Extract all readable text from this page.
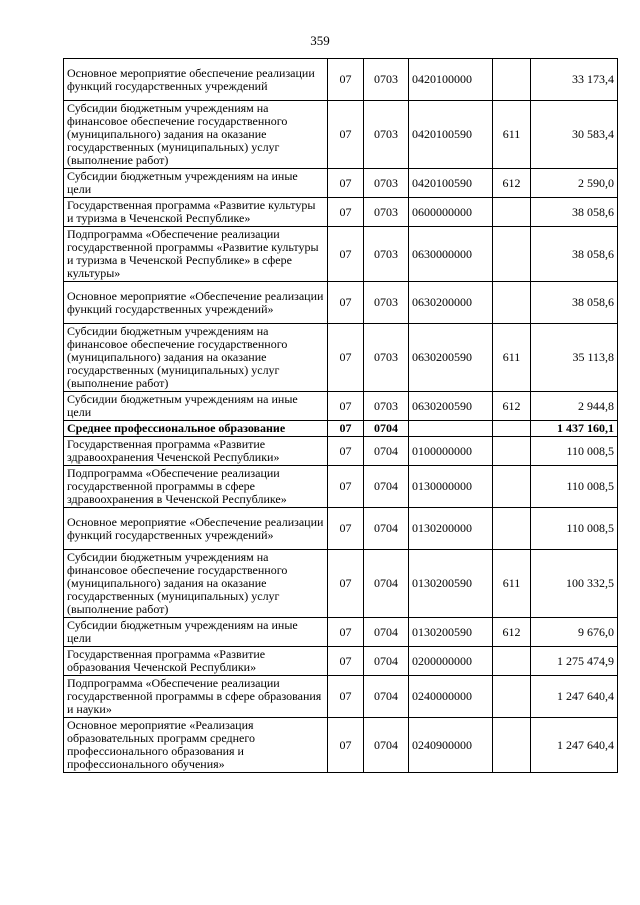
359
Основное мероприятие обеспечение реализации функций государственных учреждений	07	0703	0420100000		33 173,4
Субсидии бюджетным учреждениям на финансовое обеспечение государственного (муниципального) задания на оказание государственных (муниципальных) услуг (выполнение работ)	07	0703	0420100590	611	30 583,4
Субсидии бюджетным учреждениям на иные цели	07	0703	0420100590	612	2 590,0
Государственная программа «Развитие культуры и туризма в Чеченской Республике»	07	0703	0600000000		38 058,6
Подпрограмма «Обеспечение реализации государственной программы «Развитие культуры и туризма в Чеченской Республике» в сфере культуры»	07	0703	0630000000		38 058,6
Основное мероприятие «Обеспечение реализации функций государственных учреждений»	07	0703	0630200000		38 058,6
Субсидии бюджетным учреждениям на финансовое обеспечение государственного (муниципального) задания на оказание государственных (муниципальных) услуг (выполнение работ)	07	0703	0630200590	611	35 113,8
Субсидии бюджетным учреждениям на иные цели	07	0703	0630200590	612	2 944,8
Среднее профессиональное образование	07	0704			1 437 160,1
Государственная программа «Развитие здравоохранения Чеченской Республики»	07	0704	0100000000		110 008,5
Подпрограмма «Обеспечение реализации государственной программы в сфере здравоохранения в Чеченской Республике»	07	0704	0130000000		110 008,5
Основное мероприятие «Обеспечение реализации функций государственных учреждений»	07	0704	0130200000		110 008,5
Субсидии бюджетным учреждениям на финансовое обеспечение государственного (муниципального) задания на оказание государственных (муниципальных) услуг (выполнение работ)	07	0704	0130200590	611	100 332,5
Субсидии бюджетным учреждениям на иные цели	07	0704	0130200590	612	9 676,0
Государственная программа «Развитие образования Чеченской Республики»	07	0704	0200000000		1 275 474,9
Подпрограмма «Обеспечение реализации государственной программы в сфере образования и науки»	07	0704	0240000000		1 247 640,4
Основное мероприятие «Реализация образовательных программ среднего профессионального образования и профессионального обучения»	07	0704	0240900000		1 247 640,4
